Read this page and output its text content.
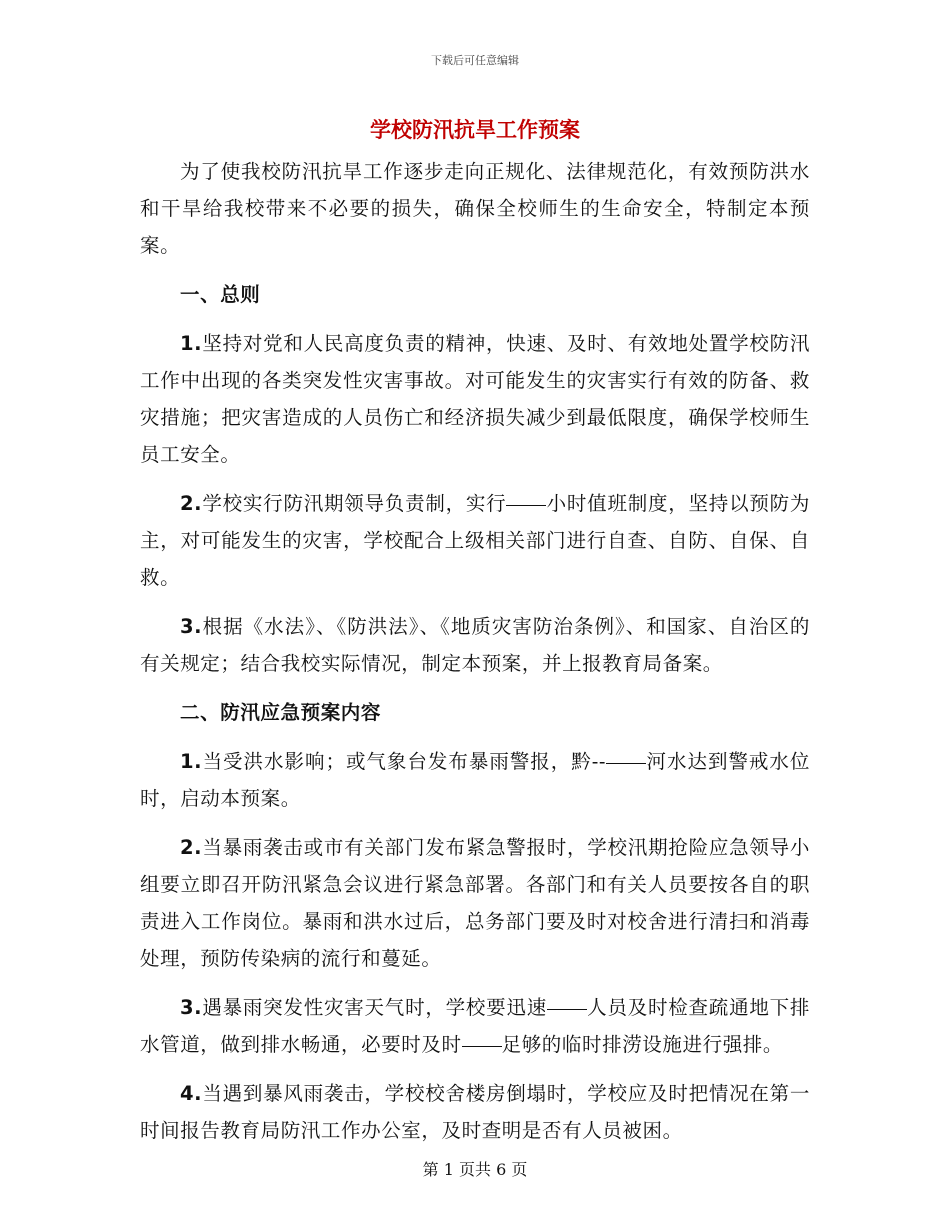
下载后可任意编辑
学校防汛抗旱工作预案

为了使我校防汛抗旱工作逐步走向正规化、法律规范化，有效预防洪水和干旱给我校带来不必要的损失，确保全校师生的生命安全，特制定本预案。

一、总则

1.坚持对党和人民高度负责的精神，快速、及时、有效地处置学校防汛工作中出现的各类突发性灾害事故。对可能发生的灾害实行有效的防备、救灾措施；把灾害造成的人员伤亡和经济损失减少到最低限度，确保学校师生员工安全。

2.学校实行防汛期领导负责制，实行 小时值班制度，坚持以预防为主，对可能发生的灾害，学校配合上级相关部门进行自查、自防、自保、自救。

3.根据《水法》、《防洪法》、《地质灾害防治条例》、和国家、自治区的有关规定；结合我校实际情况，制定本预案，并上报教育局备案。

二、防汛应急预案内容

1.当受洪水影响；或气象台发布暴雨警报，黔-- 河水达到警戒水位时，启动本预案。

2.当暴雨袭击或市有关部门发布紧急警报时，学校汛期抢险应急领导小组要立即召开防汛紧急会议进行紧急部署。各部门和有关人员要按各自的职责进入工作岗位。暴雨和洪水过后，总务部门要及时对校舍进行清扫和消毒处理，预防传染病的流行和蔓延。

3.遇暴雨突发性灾害天气时，学校要迅速 人员及时检查疏通地下排水管道，做到排水畅通，必要时及时 足够的临时排涝设施进行强排。

4.当遇到暴风雨袭击，学校校舍楼房倒塌时，学校应及时把情况在第一时间报告教育局防汛工作办公室，及时查明是否有人员被困。

第 1 页共 6 页
